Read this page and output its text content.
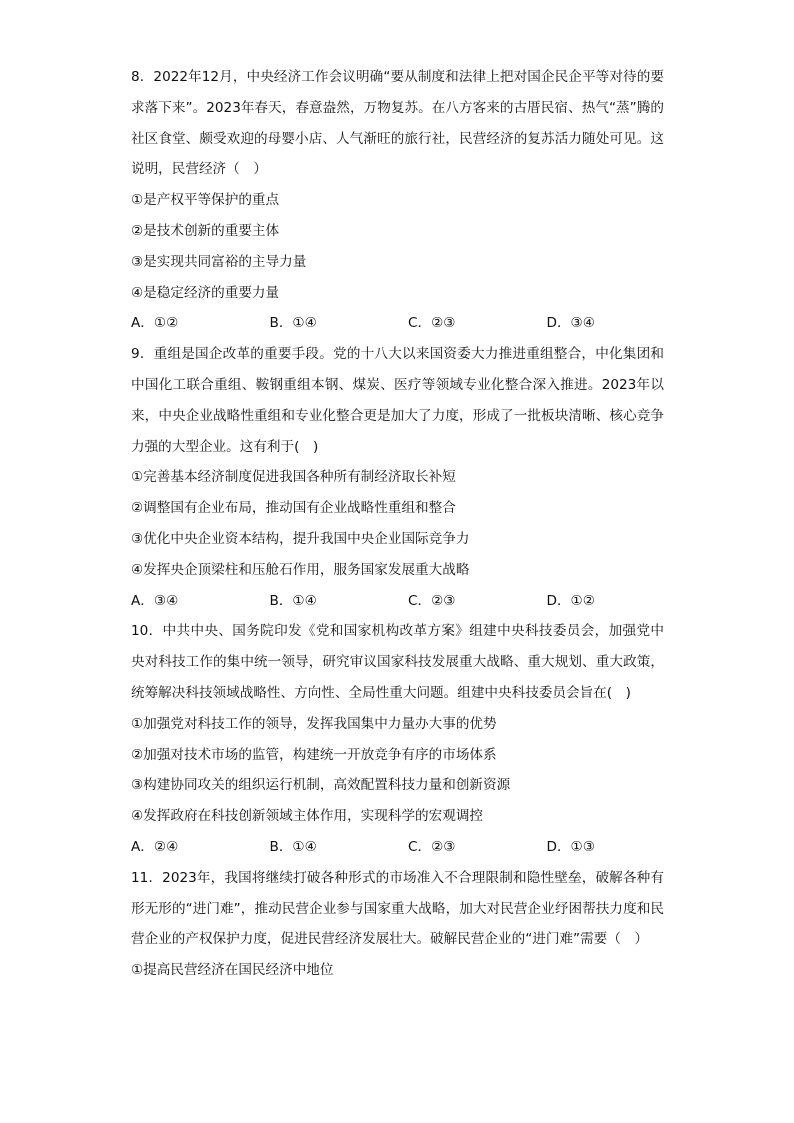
8．2022年12月，中央经济工作会议明确“要从制度和法律上把对国企民企平等对待的要求落下来”。2023年春天，春意盎然，万物复苏。在八方客来的古厝民宿、热气“蒸”腾的社区食堂、颇受欢迎的母婴小店、人气渐旺的旅行社，民营经济的复苏活力随处可见。这说明，民营经济（　）

①是产权平等保护的重点

②是技术创新的重要主体

③是实现共同富裕的主导力量

④是稳定经济的重要力量

A．①②	B．①④	C．②③	D．③④

9．重组是国企改革的重要手段。党的十八大以来国资委大力推进重组整合，中化集团和中国化工联合重组、鞍钢重组本钢、煤炭、医疗等领域专业化整合深入推进。2023年以来，中央企业战略性重组和专业化整合更是加大了力度，形成了一批板块清晰、核心竞争力强的大型企业。这有利于(　)

①完善基本经济制度促进我国各种所有制经济取长补短

②调整国有企业布局，推动国有企业战略性重组和整合

③优化中央企业资本结构，提升我国中央企业国际竞争力

④发挥央企顶梁柱和压舱石作用，服务国家发展重大战略

A．③④	B．①④	C．②③	D．①②

10．中共中央、国务院印发《党和国家机构改革方案》组建中央科技委员会，加强党中央对科技工作的集中统一领导，研究审议国家科技发展重大战略、重大规划、重大政策，统筹解决科技领域战略性、方向性、全局性重大问题。组建中央科技委员会旨在(　)

①加强党对科技工作的领导，发挥我国集中力量办大事的优势

②加强对技术市场的监管，构建统一开放竞争有序的市场体系

③构建协同攻关的组织运行机制，高效配置科技力量和创新资源

④发挥政府在科技创新领域主体作用，实现科学的宏观调控

A．②④	B．①④	C．②③	D．①③

11．2023年，我国将继续打破各种形式的市场准入不合理限制和隐性壁垒，破解各种有形无形的“进门难”，推动民营企业参与国家重大战略，加大对民营企业纾困帮扶力度和民营企业的产权保护力度，促进民营经济发展壮大。破解民营企业的“进门难”需要（　）

①提高民营经济在国民经济中地位
